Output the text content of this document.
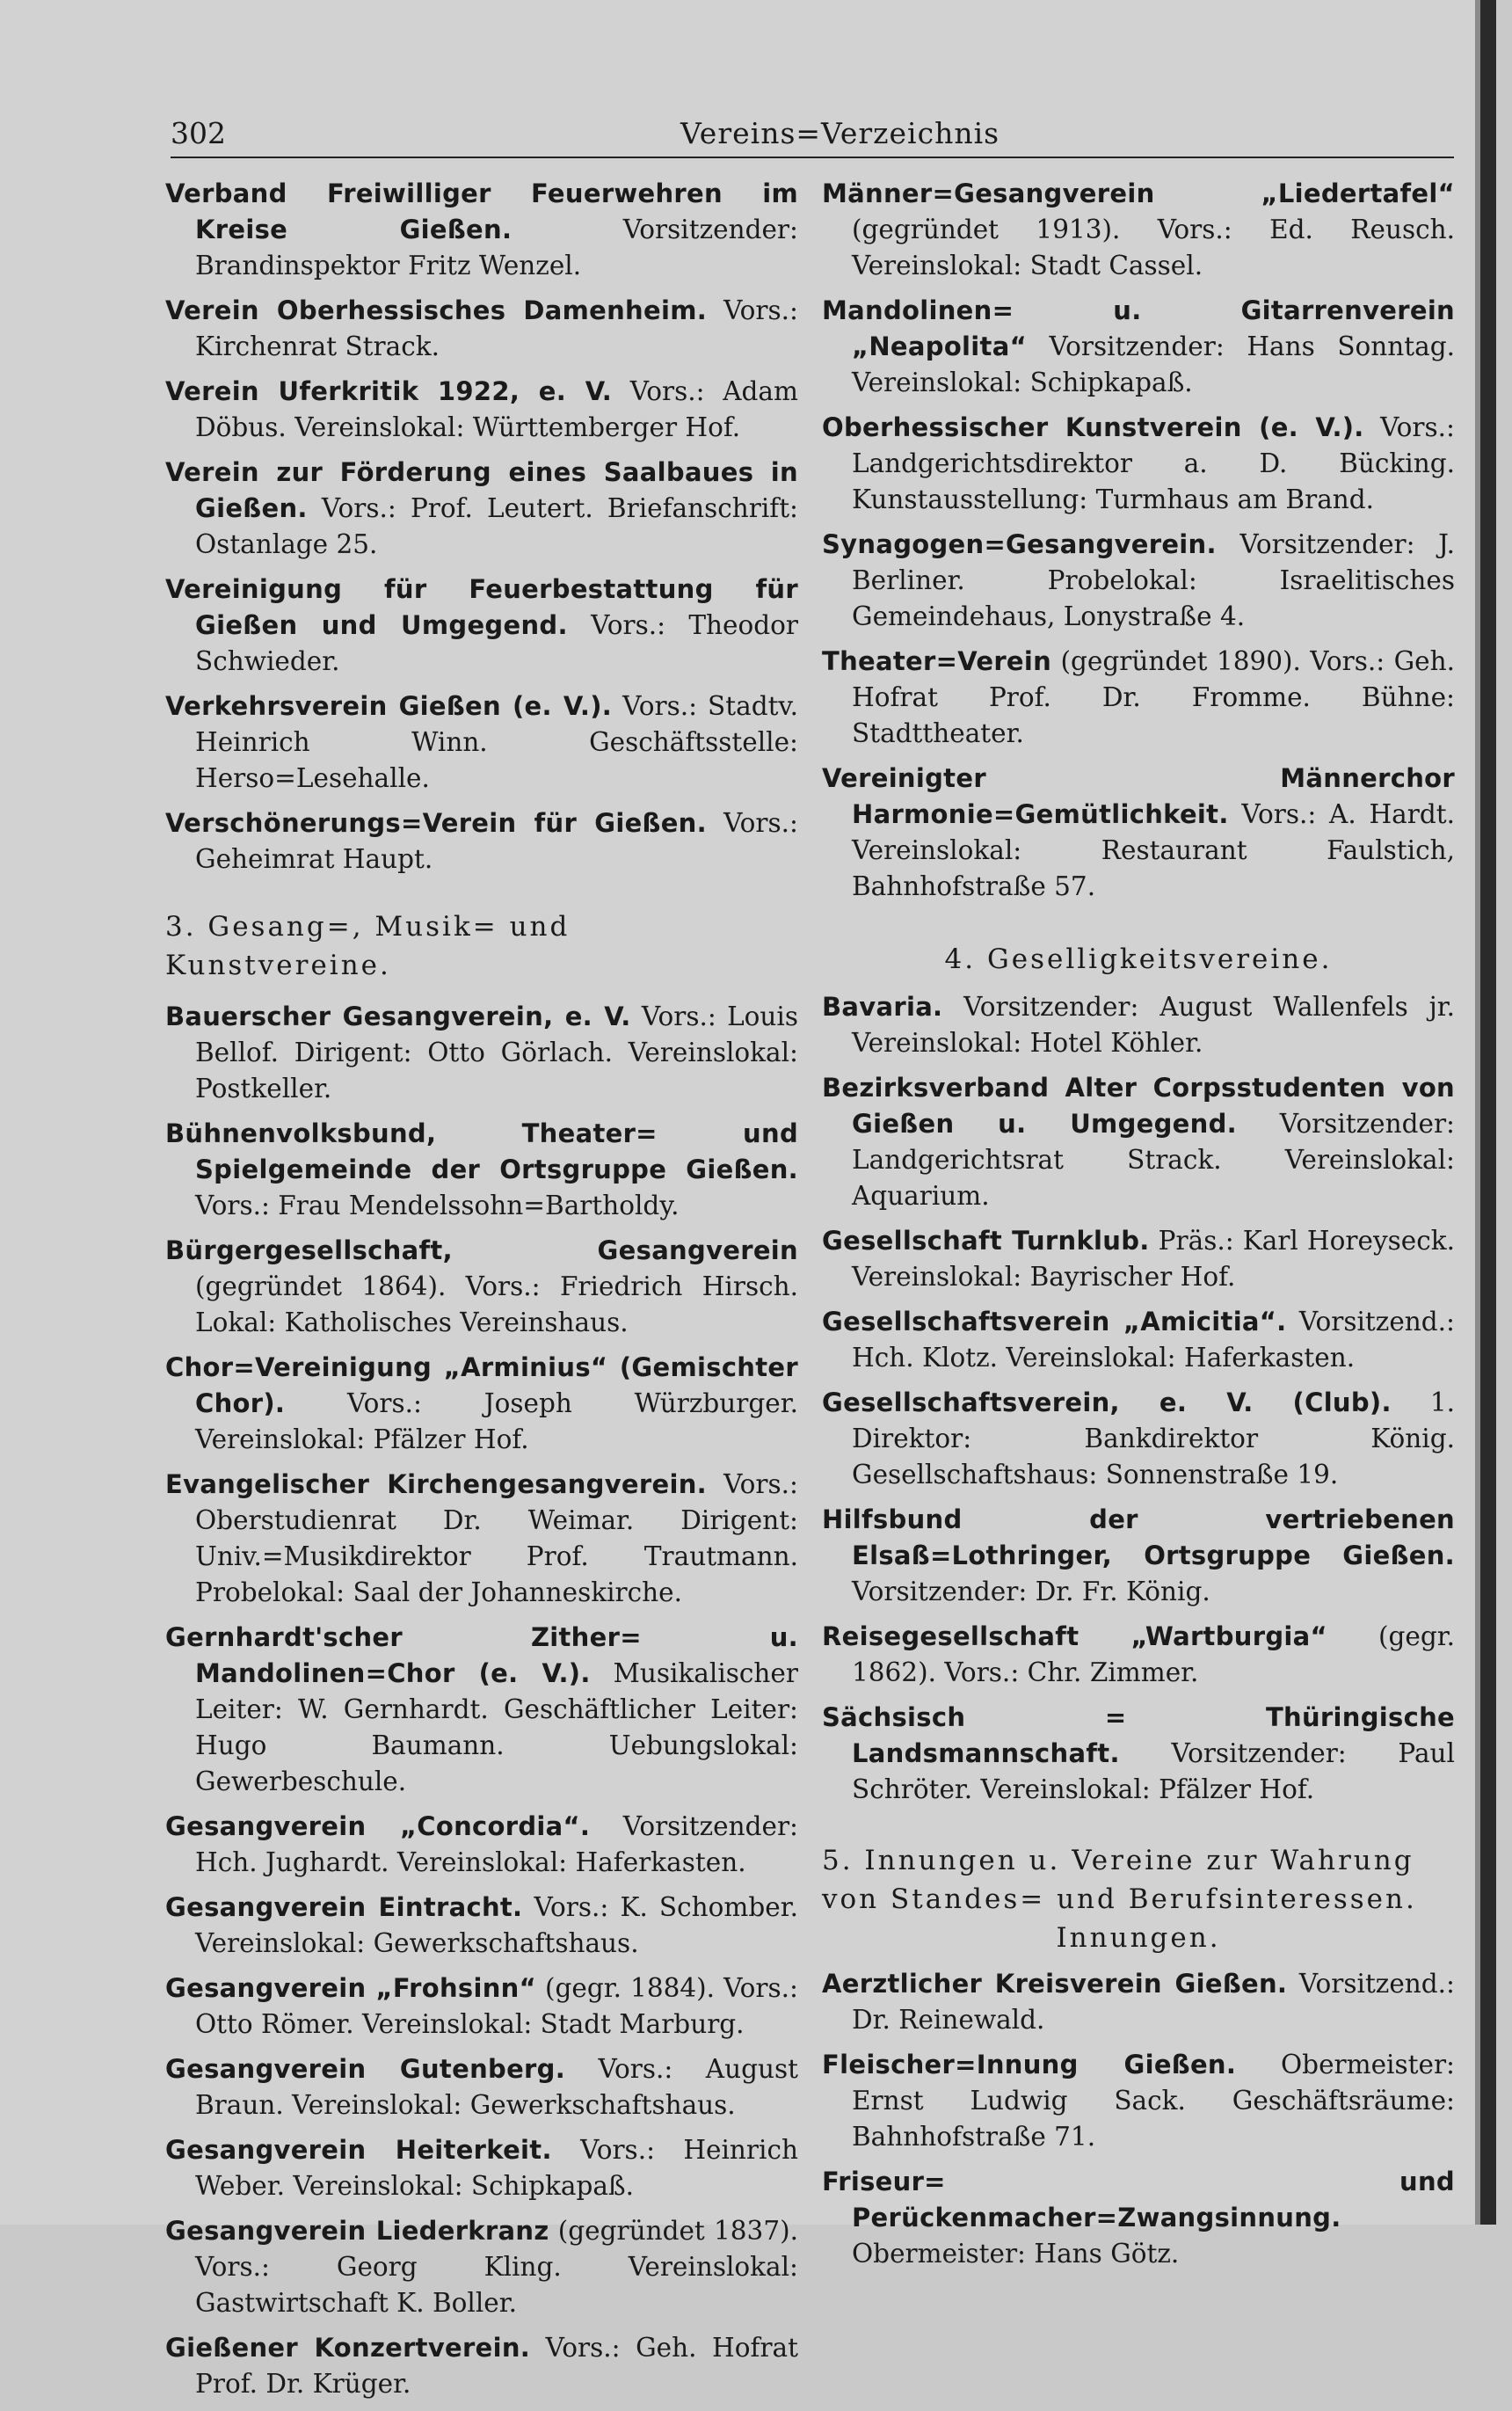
302	Vereins=Verzeichnis

Verband Freiwilliger Feuerwehren im Kreise Gießen.	Vorsitzender: Brandinspektor Fritz Wenzel.

Verein Oberhessisches Damenheim. Vors.: Kirchenrat Strack.

Verein Uferkritik 1922, e. V. Vors.: Adam Döbus. Vereinslokal: Württemberger Hof.

Verein zur Förderung eines Saalbaues in Gießen. Vors.: Prof. Leutert. Briefanschrift: Ostanlage 25.

Vereinigung für Feuerbestattung für Gießen und Umgegend. Vors.: Theodor Schwieder.

Verkehrsverein Gießen (e. V.). Vors.: Stadtv. Heinrich Winn. Geschäftsstelle: Herso=Lesehalle.

Verschönerungs=Verein für Gießen. Vors.: Geheimrat Haupt.

3. Gesang=, Musik= und Kunstvereine.

Bauerscher Gesangverein, e. V. Vors.: Louis Bellof. Dirigent: Otto Görlach. Vereinslokal: Postkeller.

Bühnenvolksbund, Theater= und Spielgemeinde der Ortsgruppe Gießen. Vors.: Frau Mendelssohn=Bartholdy.

Bürgergesellschaft, Gesangverein (gegründet 1864). Vors.: Friedrich Hirsch. Lokal: Katholisches Vereinshaus.

Chor=Vereinigung „Arminius“ (Gemischter Chor). Vors.: Joseph Würzburger. Vereinslokal: Pfälzer Hof.

Evangelischer Kirchengesangverein. Vors.: Oberstudienrat Dr. Weimar. Dirigent: Univ.=Musikdirektor Prof. Trautmann. Probelokal: Saal der Johanneskirche.

Gernhardt'scher Zither= u. Mandolinen=Chor (e. V.). Musikalischer Leiter: W. Gernhardt. Geschäftlicher Leiter: Hugo Baumann. Uebungslokal: Gewerbeschule.

Gesangverein „Concordia“. Vorsitzender: Hch. Jughardt. Vereinslokal: Haferkasten.

Gesangverein Eintracht. Vors.: K. Schomber. Vereinslokal: Gewerkschaftshaus.

Gesangverein „Frohsinn“ (gegr. 1884). Vors.: Otto Römer. Vereinslokal: Stadt Marburg.

Gesangverein Gutenberg. Vors.: August Braun. Vereinslokal: Gewerkschaftshaus.

Gesangverein Heiterkeit. Vors.: Heinrich Weber. Vereinslokal: Schipkapaß.

Gesangverein Liederkranz (gegründet 1837). Vors.: Georg Kling. Vereinslokal: Gastwirtschaft K. Boller.

Gießener Konzertverein. Vors.: Geh. Hofrat Prof. Dr. Krüger.

Männer=Gesangverein „Liedertafel“ (gegründet 1913). Vors.: Ed. Reusch. Vereinslokal: Stadt Cassel.

Mandolinen= u. Gitarrenverein „Neapolita“ Vorsitzender: Hans Sonntag. Vereinslokal: Schipkapaß.

Oberhessischer Kunstverein (e. V.). Vors.: Landgerichtsdirektor a. D. Bücking. Kunstausstellung: Turmhaus am Brand.

Synagogen=Gesangverein. Vorsitzender: J. Berliner. Probelokal: Israelitisches Gemeindehaus, Lonystraße 4.

Theater=Verein (gegründet 1890). Vors.: Geh. Hofrat Prof. Dr. Fromme. Bühne: Stadttheater.

Vereinigter Männerchor Harmonie=Gemütlichkeit. Vors.: A. Hardt. Vereinslokal: Restaurant Faulstich, Bahnhofstraße 57.

4. Geselligkeitsvereine.

Bavaria. Vorsitzender: August Wallenfels jr. Vereinslokal: Hotel Köhler.

Bezirksverband Alter Corpsstudenten von Gießen u. Umgegend. Vorsitzender: Landgerichtsrat Strack. Vereinslokal: Aquarium.

Gesellschaft Turnklub. Präs.: Karl Horeyseck. Vereinslokal: Bayrischer Hof.

Gesellschaftsverein „Amicitia“. Vorsitzend.: Hch. Klotz. Vereinslokal: Haferkasten.

Gesellschaftsverein, e. V. (Club). 1. Direktor: Bankdirektor König. Gesellschaftshaus: Sonnenstraße 19.

Hilfsbund der vertriebenen Elsaß=Lothringer, Ortsgruppe Gießen. Vorsitzender: Dr. Fr. König.

Reisegesellschaft „Wartburgia“ (gegr. 1862). Vors.: Chr. Zimmer.

Sächsisch = Thüringische Landsmannschaft. Vorsitzender: Paul Schröter. Vereinslokal: Pfälzer Hof.

5. Innungen u. Vereine zur Wahrung
von Standes= und Berufsinteressen.
Innungen.

Aerztlicher Kreisverein Gießen. Vorsitzend.: Dr. Reinewald.

Fleischer=Innung Gießen. Obermeister: Ernst Ludwig Sack. Geschäftsräume: Bahnhofstraße 71.

Friseur= und Perückenmacher=Zwangsinnung. Obermeister: Hans Götz.
